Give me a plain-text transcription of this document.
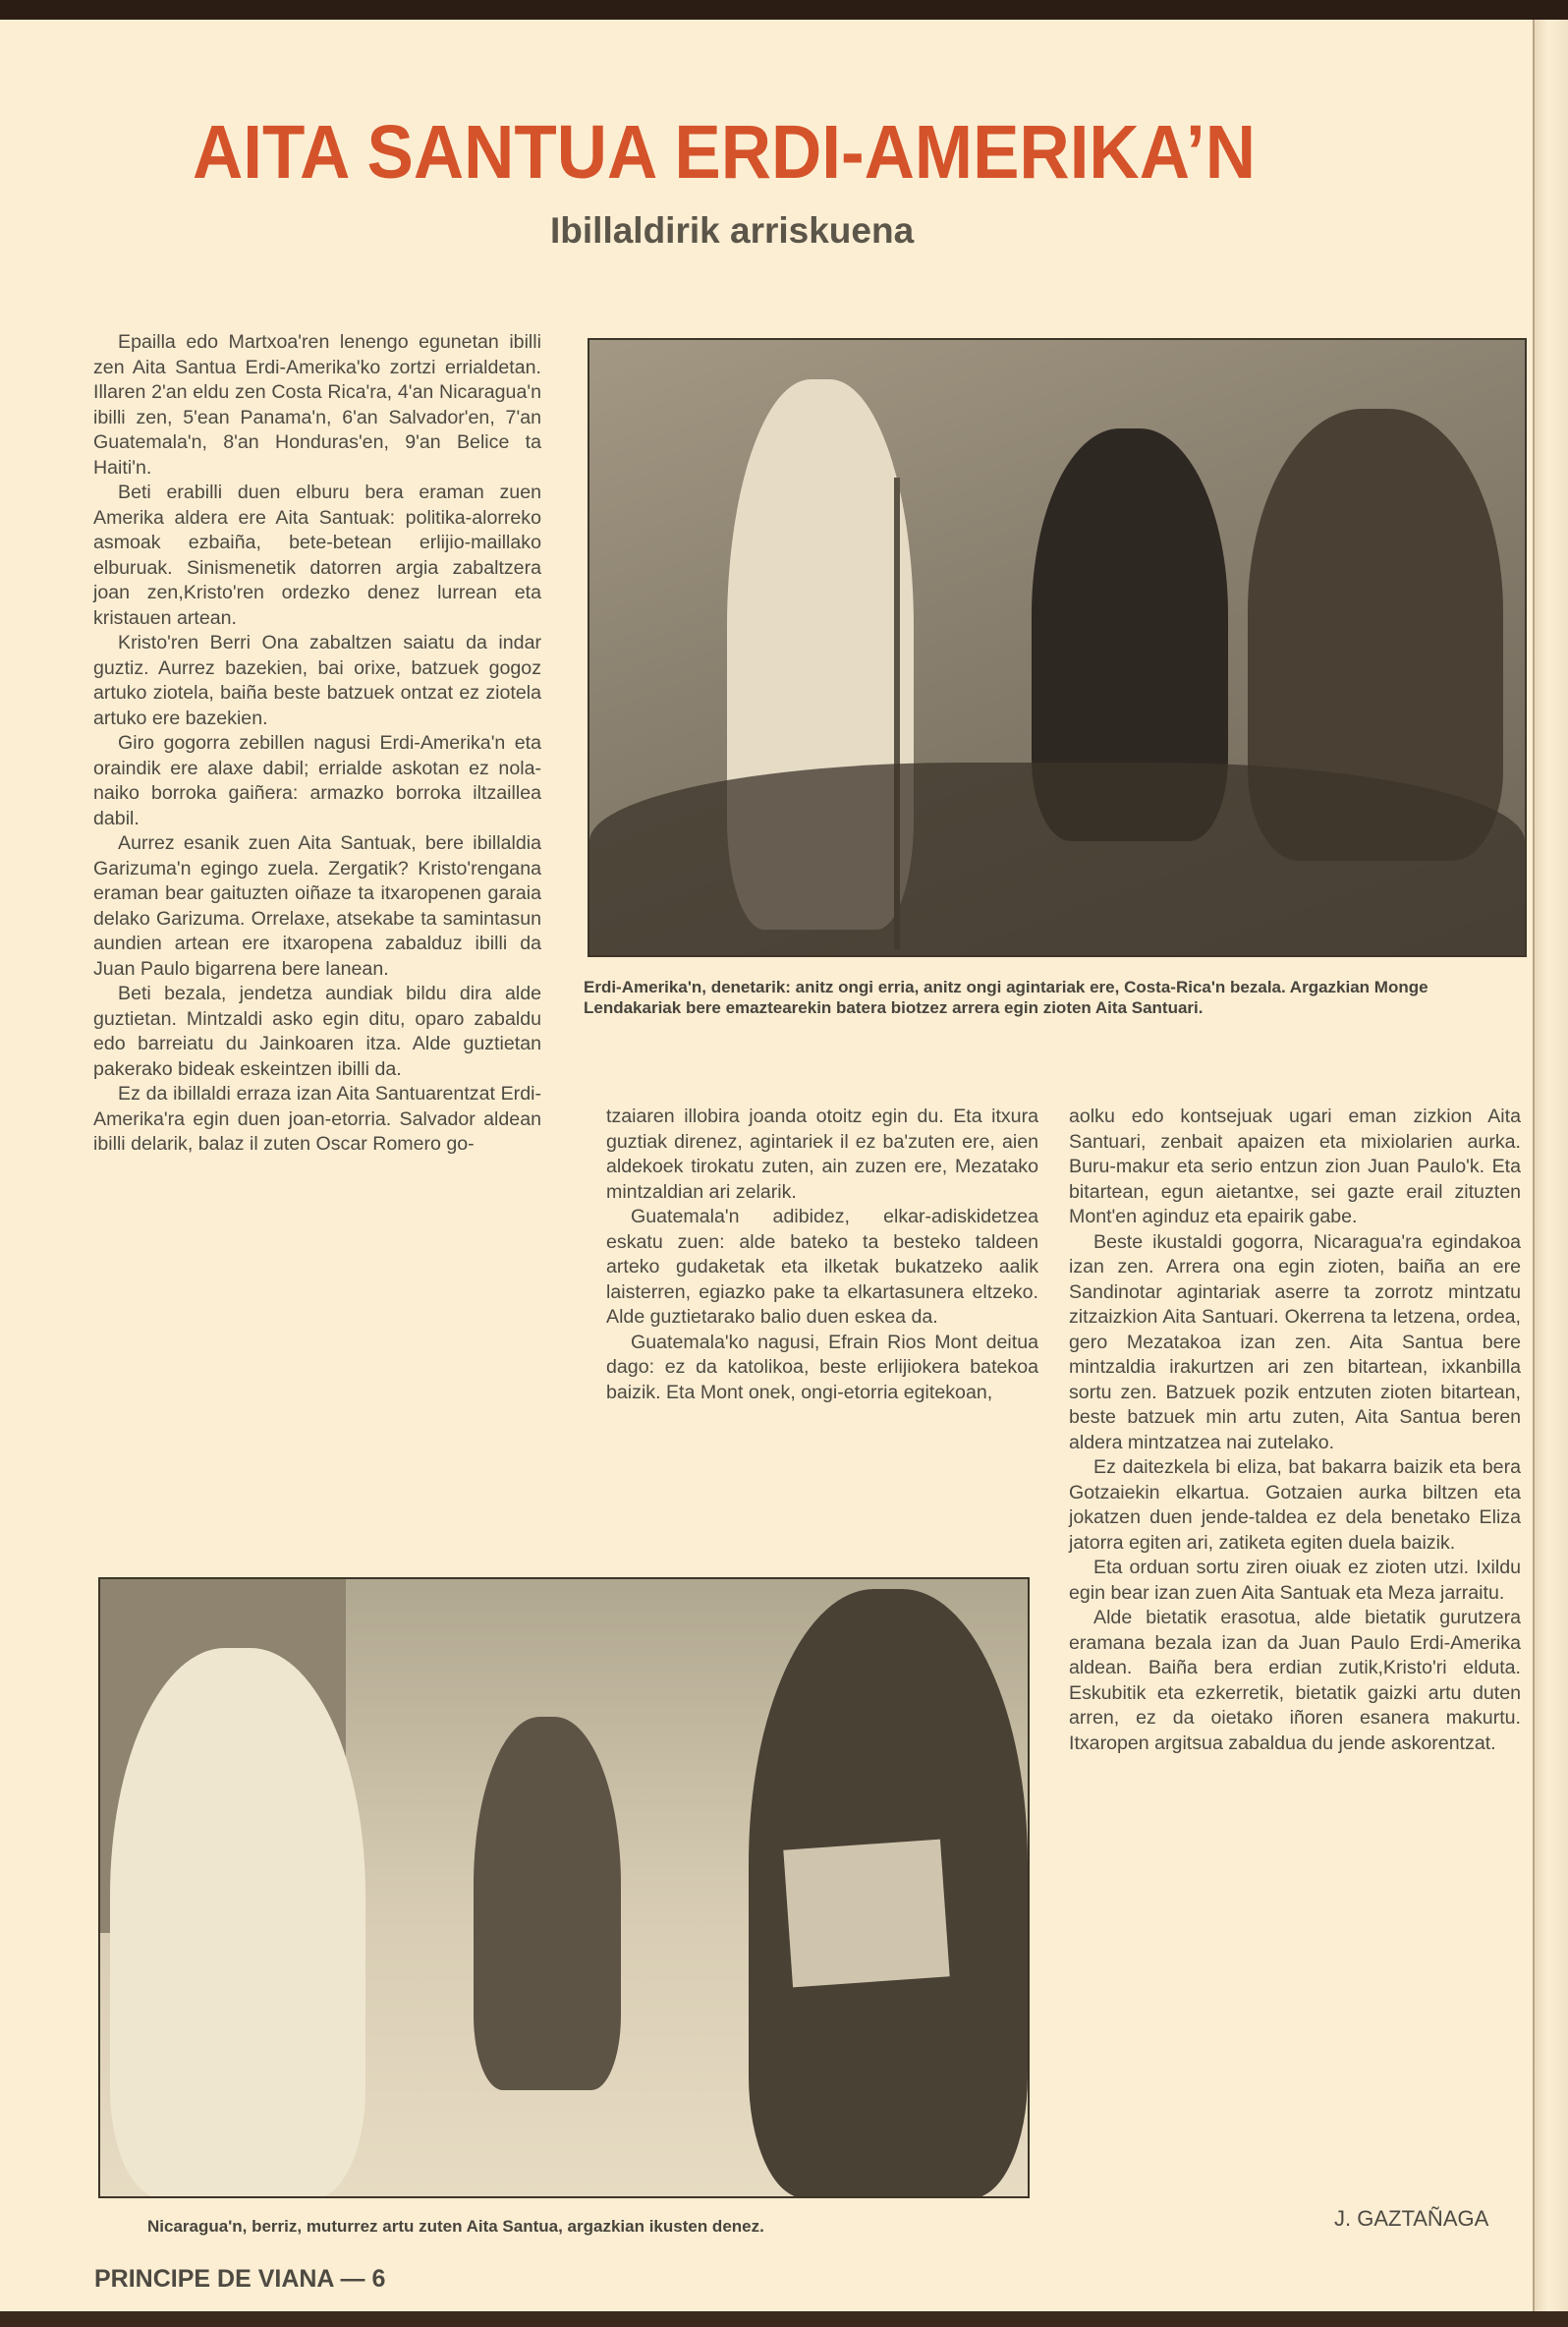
AITA SANTUA ERDI-AMERIKA’N
Ibillaldirik arriskuena

Epailla edo Martxoa'ren lenengo egunetan ibilli zen Aita Santua Erdi-Amerika'ko zortzi errialdetan. Illaren 2'an eldu zen Costa Rica'ra, 4'an Nicaragua'n ibilli zen, 5'ean Panama'n, 6'an Salvador'en, 7'an Guatemala'n, 8'an Honduras'en, 9'an Belice ta Haiti'n.

Beti erabilli duen elburu bera eraman zuen Amerika aldera ere Aita Santuak: politika-alorreko asmoak ezbaiña, bete-betean erlijio-maillako elburuak. Sinismenetik datorren argia zabaltzera joan zen,Kristo'ren ordezko denez lurrean eta kristauen artean.

Kristo'ren Berri Ona zabaltzen saiatu da indar guztiz. Aurrez bazekien, bai orixe, batzuek gogoz artuko ziotela, baiña beste batzuek ontzat ez ziotela artuko ere bazekien.

Giro gogorra zebillen nagusi Erdi-Amerika'n eta oraindik ere alaxe dabil; errialde askotan ez nola-naiko borroka gaiñera: armazko borroka iltzaillea dabil.

Aurrez esanik zuen Aita Santuak, bere ibillaldia Garizuma'n egingo zuela. Zergatik? Kristo'rengana eraman bear gaituzten oiñaze ta itxaropenen garaia delako Garizuma. Orrelaxe, atsekabe ta samintasun aundien artean ere itxaropena zabalduz ibilli da Juan Paulo bigarrena bere lanean.

Beti bezala, jendetza aundiak bildu dira alde guztietan. Mintzaldi asko egin ditu, oparo zabaldu edo barreiatu du Jainkoaren itza. Alde guztietan pakerako bideak eskeintzen ibilli da.

Ez da ibillaldi erraza izan Aita Santuarentzat Erdi-Amerika'ra egin duen joan-etorria. Salvador aldean ibilli delarik, balaz il zuten Oscar Romero go-

Erdi-Amerika'n, denetarik: anitz ongi erria, anitz ongi agintariak ere, Costa-Rica'n bezala. Argazkian Monge Lendakariak bere emaztearekin batera biotzez arrera egin zioten Aita Santuari.

tzaiaren illobira joanda otoitz egin du. Eta itxura guztiak direnez, agintariek il ez ba'zuten ere, aien aldekoek tirokatu zuten, ain zuzen ere, Mezatako mintzaldian ari zelarik.

Guatemala'n adibidez, elkar-adiskidetzea eskatu zuen: alde bateko ta besteko taldeen arteko gudaketak eta ilketak bukatzeko aalik laisterren, egiazko pake ta elkartasunera eltzeko. Alde guztietarako balio duen eskea da.

Guatemala'ko nagusi, Efrain Rios Mont deitua dago: ez da katolikoa, beste erlijiokera batekoa baizik. Eta Mont onek, ongi-etorria egitekoan,

aolku edo kontsejuak ugari eman zizkion Aita Santuari, zenbait apaizen eta mixiolarien aurka. Buru-makur eta serio entzun zion Juan Paulo'k. Eta bitartean, egun aietantxe, sei gazte erail zituzten Mont'en aginduz eta epairik gabe.

Beste ikustaldi gogorra, Nicaragua'ra egindakoa izan zen. Arrera ona egin zioten, baiña an ere Sandinotar agintariak aserre ta zorrotz mintzatu zitzaizkion Aita Santuari. Okerrena ta letzena, ordea, gero Mezatakoa izan zen. Aita Santua bere mintzaldia irakurtzen ari zen bitartean, ixkanbilla sortu zen. Batzuek pozik entzuten zioten bitartean, beste batzuek min artu zuten, Aita Santua beren aldera mintzatzea nai zutelako.

Ez daitezkela bi eliza, bat bakarra baizik eta bera Gotzaiekin elkartua. Gotzaien aurka biltzen eta jokatzen duen jende-taldea ez dela benetako Eliza jatorra egiten ari, zatiketa egiten duela baizik.

Eta orduan sortu ziren oiuak ez zioten utzi. Ixildu egin bear izan zuen Aita Santuak eta Meza jarraitu.

Alde bietatik erasotua, alde bietatik gurutzera eramana bezala izan da Juan Paulo Erdi-Amerika aldean. Baiña bera erdian zutik,Kristo'ri elduta. Eskubitik eta ezkerretik, bietatik gaizki artu duten arren, ez da oietako iñoren esanera makurtu. Itxaropen argitsua zabaldua du jende askorentzat.

Nicaragua'n, berriz, muturrez artu zuten Aita Santua, argazkian ikusten denez.	J. GAZTAÑAGA
PRINCIPE DE VIANA — 6
